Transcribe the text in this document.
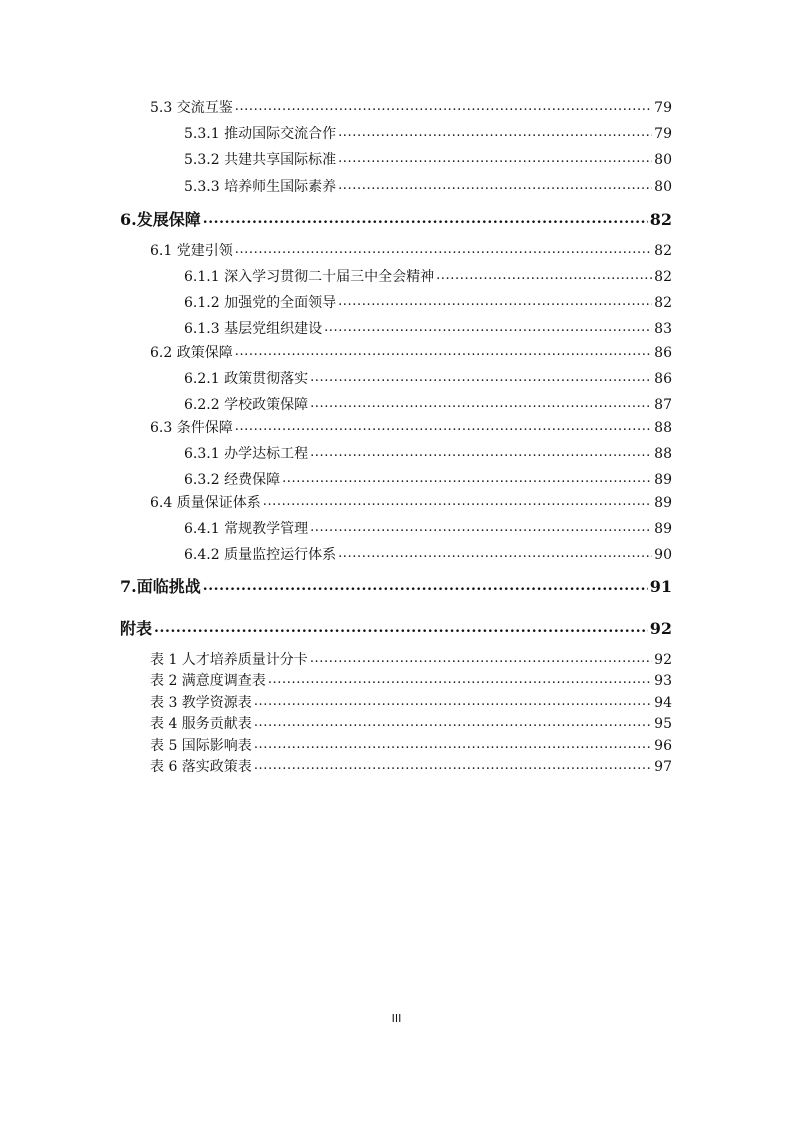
5.3 交流互鉴 .....	79
5.3.1 推动国际交流合作 .....	79
5.3.2 共建共享国际标准 .....	80
5.3.3 培养师生国际素养 .....	80
6.发展保障 .....	82
6.1 党建引领 .....	82
6.1.1 深入学习贯彻二十届三中全会精神 .....	82
6.1.2 加强党的全面领导 .....	82
6.1.3 基层党组织建设 .....	83
6.2 政策保障 .....	86
6.2.1 政策贯彻落实 .....	86
6.2.2 学校政策保障 .....	87
6.3 条件保障 .....	88
6.3.1 办学达标工程 .....	88
6.3.2 经费保障 .....	89
6.4 质量保证体系 .....	89
6.4.1 常规教学管理 .....	89
6.4.2 质量监控运行体系 .....	90
7.面临挑战 .....	91
附表 .....	92
表 1 人才培养质量计分卡 .....	92
表 2 满意度调查表 .....	93
表 3 教学资源表 .....	94
表 4 服务贡献表 .....	95
表 5 国际影响表 .....	96
表 6 落实政策表 .....	97
III
